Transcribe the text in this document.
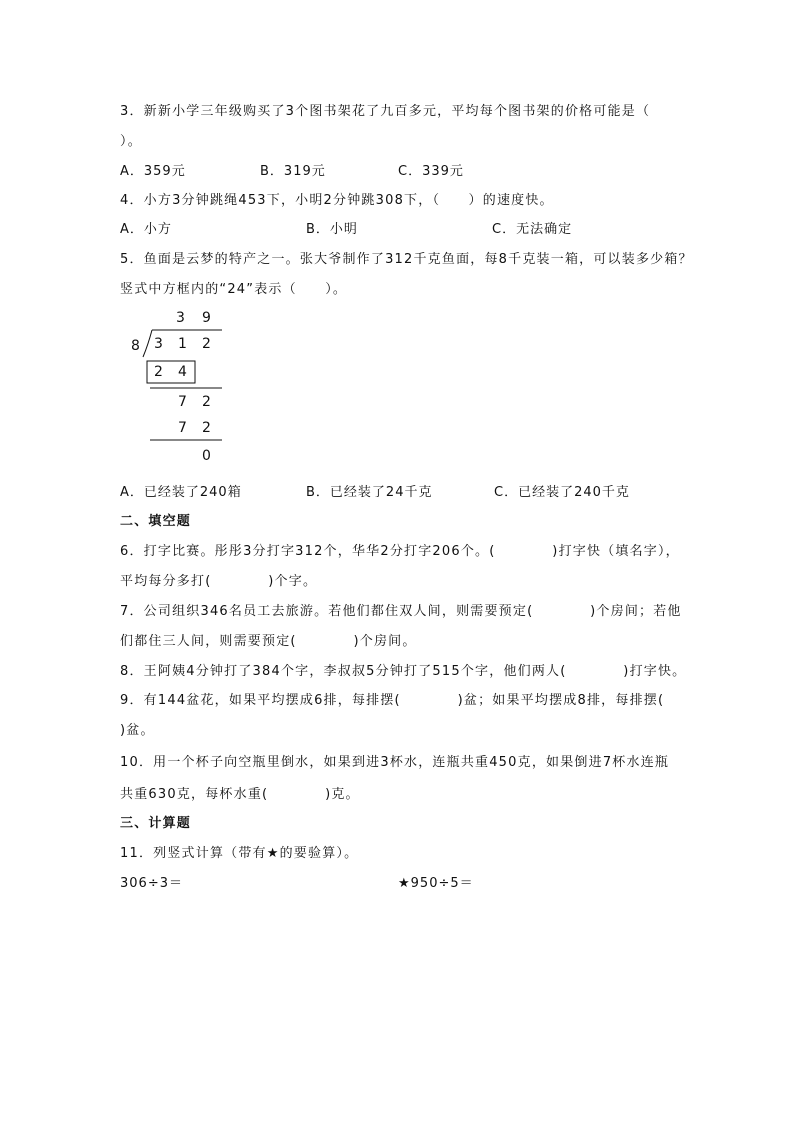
3．新新小学三年级购买了3个图书架花了九百多元，平均每个图书架的价格可能是（
）。
A．359元	B．319元	C．339元
4．小方3分钟跳绳453下，小明2分钟跳308下，（　　）的速度快。
A．小方	B．小明	C．无法确定
5．鱼面是云梦的特产之一。张大爷制作了312千克鱼面，每8千克装一箱，可以装多少箱？
竖式中方框内的“24”表示（　　）。
3 9
8 3 1 2
2 4
7 2
7 2
0
A．已经装了240箱	B．已经装了24千克	C．已经装了240千克
二、填空题
6．打字比赛。彤彤3分打字312个，华华2分打字206个。(　　　　)打字快（填名字），
平均每分多打(　　　　)个字。
7．公司组织346名员工去旅游。若他们都住双人间，则需要预定(　　　　)个房间；若他
们都住三人间，则需要预定(　　　　)个房间。
8．王阿姨4分钟打了384个字，李叔叔5分钟打了515个字，他们两人(　　　　)打字快。
9．有144盆花，如果平均摆成6排，每排摆(　　　　)盆；如果平均摆成8排，每排摆(
)盆。
10．用一个杯子向空瓶里倒水，如果到进3杯水，连瓶共重450克，如果倒进7杯水连瓶
共重630克，每杯水重(　　　　)克。
三、计算题
11．列竖式计算（带有★的要验算）。
306÷3＝	★950÷5＝
